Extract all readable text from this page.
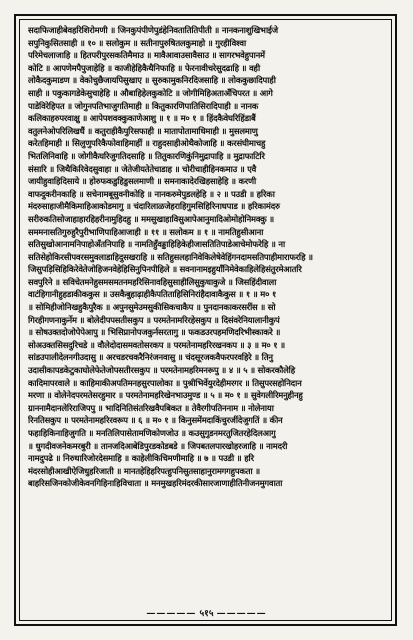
सदाफिजाहीबेवहरिशिरोमणी ॥ जिनकुपंपीणेपुडंहेनिवतातितिपीती ॥ नानकनाशुखिभाईजे
सपुनिकुसितसाही ॥ १० ॥ सलोकुम ॥ सतीनापुरुषितलकुमाहो ॥ गुरहीविश्वा
परिमेचलाजाहि ॥ हितपरीपुरसकतिमैमाउ ॥ मावैआवाउसावैसाउ ॥ सागरभवेहुपानमें
कोटि ॥ आपणेमपैपुजाहेहि ॥ काजीहेहिकैथैनिफाहि ॥ फेरनावीचरेसुदढाहि ॥ वही
लोकैदकुमाडण ॥ वेकोचुछैजायपिसुखाए ॥ सुरुकामुकनिरदिजसाहि ॥ लोककुछादिपाही
साही ॥ पकुकागडेकेसुचाहेहि ॥ औबाहिहेलकुकोटि ॥ जोगीमिहिअताअँचिपरत ॥ आगे
पाडेविरेहिपत ॥ जोगुनपतिभाजुगतिमाही ॥ कितुकारणिपातिसिरादिपाही ॥ नानक
कलिकाहरुपरवाक्षु ॥ आपेपशवक्कुकाणेआशु ॥ १ ॥ म० १ ॥ हिंदकैवेघरिहिंडाबैं
वतुलनेओपरिलिखधैं ॥ कतुराहीकैपुरिसफाही ॥ मातापोतामाधिमाही ॥ मुसलमाणु
करेतहिमाही ॥ सिलुणुपरिकैफोवाहिमाहीं ॥ राहुदसाहीओथैकोजाहि ॥ करसंघीमाचहु
भितलिनिवाहि ॥ जोगीकैघरिजुगतिदसाहि ॥ तितुकारणिकुंनिमुद्रापाहि ॥ मुद्राफाटिरि
संसारि ॥ जिथैकिरिवेदसुवाहा ॥ जेतेजीयतेतेचाडाह ॥ चोरीचाहीहिनकमाउ ॥ एवै
जायीहुवाहिदिसाये ॥ होरुफकडुहिडुसलमाणी ॥ समनाकादेरखिहसाहेहि ॥ करणी
वाफदुकरीनकाहि ॥ सचेनामबूसुवनीकोहि ॥ नानकरुमेपुडलहेहि ॥ २ ॥ पउडी ॥ हरिका
मंदरुसाहाजीमैकिमाहिआकोडमागु ॥ चंदारिलाळजेहराहिगुमसिहिरिनाधपाड ॥ हरिकामंदरु
सरीरुकतिसोजाहाहारहिहरीनामुहिदहु ॥ ममसुखाहाविसुआपेआनुमादिओमोहोनिमक्कु ॥
सममनासतिगुरुहुरैपुरीभाणिपाहिआजाही ॥ ११ ॥ सलोकम ॥ १ ॥ नामतिहुसीआना
सतिसुखोआनामनिपाहोअँतनिपाहि ॥ नामतिहुँवड्डाहिहिकेहीजासतितिपाडेआचेमोफरेहि ॥ ना
सतिसेहोकिरसीपवरसमुवलाडाहिदुसखराहि ॥ सतिहुसलहानिवेकिलेषेवेहिंगनदामसतिपाहीमाराफरहि ॥
जिसुपड़िसिहिकिरेवेतेजोहिजनवेहेहिसिनुपिनपीहिले ॥ सवनानामइहुयाँनिमेवेकाहिलेहिसंतुरमेआतरि
सवपुरिने ॥ सविचेतमनेहुसमसमतनमहरिसिनावहिसुसाहीलिसुकुधाकुजे ॥ जिसहिंदीवाला
वाटंहिगानीहुहडाकीककुस ॥ उसकैबुहाढ़ाहीकैपतिताहिसिनिरांहैदावाकैकुस ॥ १ ॥ म० १
॥ सोमिहीजोनिखहुकैपुरैक ॥ अपुनसुमेउमसुकीसिकचाकैप ॥ पुनदानकाकरसरींस ॥ सो
गिरहीगणनाकुर्नेम ॥ बोलेदीपपसतीसकुप ॥ परमतेनामरिरहेसकुप ॥ दिसंवरेनियालानीकुपं
॥ सोषउक्तदोजोपेपेआपु ॥ भिसिप्रानोपजकुर्नसरतागु ॥ फकडउरपहमणिदरिभीस्काकरे ॥
सोअउक्तसिसदुरिचडे ॥ वौलेदोदासमवतोसरकप ॥ परमतेनामहरिरखनकप ॥ ३ ॥ म० १ ॥
सांडउपालीदेलनगीउदासु ॥ अरचडरचकरैनिरंजनवासु ॥ चंदसूरजकवैफरपरवहिरे ॥ तिनु
उदासीकापडकेटुकाघोलेफेतेजोपसतीरसकुप ॥ परमतेनामहरिमनरूपु ॥ ४ ॥ ५ ॥ सोकरकौलेहि
कादिमापरवाले ॥ काहिमाकीअपतिमनहसुरपालोका ॥ पुश्रीभिर्वेयुरदेहीमरगर ॥ तिसुपरसहोनिदान
मरणा ॥ वोलेनेदपरमतेसरहुमार ॥ परमतेनामहरिखेनभाउमुण्ड ॥ ५ ॥ म० १ ॥ सुवेगलीरिमनुहीनहु
ग्राननामैदानलेरिराजिपपु ॥ भादिनितिसंतरिखवैपबिकत ॥ तेवैरगीपतिननाम ॥ नोलेनाया
रिनतिसकुप ॥ परमतेनामहरिरवरूप ॥ ६ ॥ म० १ ॥ किनुसमेंमदाकिंचुरजींदेजुगतिं ॥ कीन
फहाहिकिनाहिजुगति ॥ मनतिलिपासेतामणिकोणजोउ ॥ कउसुगुडनमरतुजितरहेदिलआगु
॥ धुगदीवजनेकमरबुरी ॥ तानजदिआबेडिपुरडकोडबडे ॥ जिपबतलपारखोहरजाहि ॥ नामदरी
नामदुपढे ॥ निरुधारिजोरदेसमाहि ॥ काहेलीकिचिमणीमाहि ॥ ७ ॥ पउडी ॥ हरि
मंदरसोहीआखीऐजिधुहरिजाती ॥ मानतहेहिहरिपत्हुपनिसुतसाहानुरामगगहुपकता ॥
बाहरिसजिनकोजीकेवनगिहिनाहिविचाता ॥ मनमुखहरिमंदरकीसारजाणाहीतिनीजनमुगवाता
————— ५१५ —————
